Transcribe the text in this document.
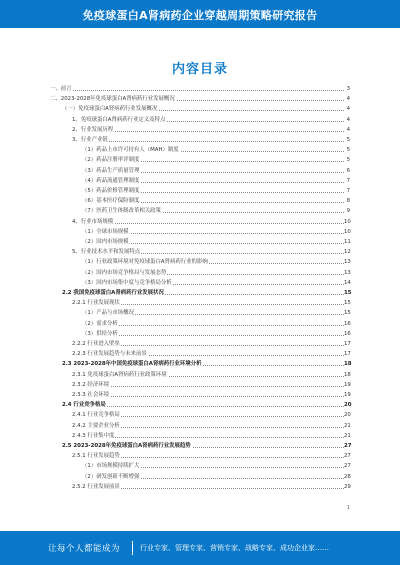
免疫球蛋白A肾病药企业穿越周期策略研究报告
内容目录
一、前言	3
二、2023-2028年免疫球蛋白A肾病药行业发展概况	4
（一）免疫球蛋白A肾病药行业发展概况	4
1、免疫球蛋白A肾病药行业定义及特点	4
2、行业发展历程	4
3、行业产业链	5
（1）药品上市许可持有人（MAH）制度	5
（2）药品注册审评制度	5
（3）药品生产质量管理	6
（4）药品流通管理制度	7
（5）药品价格管理制度	7
（6）基本医疗保险制度	8
（7）医药卫生体制改革相关政策	9
4、行业市场规模	10
（1）全球市场规模	10
（2）国内市场规模	11
5、行业技术水平和发展特点	12
（1）行业政策环境对免疫球蛋白A肾病药行业的影响	13
（2）国内市场竞争格局与发展态势	13
（3）国内市场集中度与竞争格局分析	14
2.2 我国免疫球蛋白A肾病药行业发展状况	15
2.2.1 行业发展现状	15
（1）产品与市场概况	15
（2）需求分析	16
（3）供给分析	16
2.2.2 行业进入壁垒	17
2.2.3 行业发展趋势与未来前景	17
2.3 2023-2028年中国免疫球蛋白A肾病药行业环境分析	18
2.3.1 免疫球蛋白A肾病药行业政策环境	18
2.3.2 经济环境	19
2.3.3 社会环境	19
2.4 行业竞争格局	20
2.4.1 行业竞争格局	20
2.4.2 主要企业分析	21
2.4.3 行业集中度	21
2.5 2023-2028年免疫球蛋白A肾病药行业发展趋势	27
2.5.1 行业发展趋势	27
（1）市场规模持续扩大	27
（2）研发创新不断增强	28
2.5.2 行业发展前景	29
1
让每个人都能成为	行业专家、管理专家、营销专家、战略专家、成功企业家……
